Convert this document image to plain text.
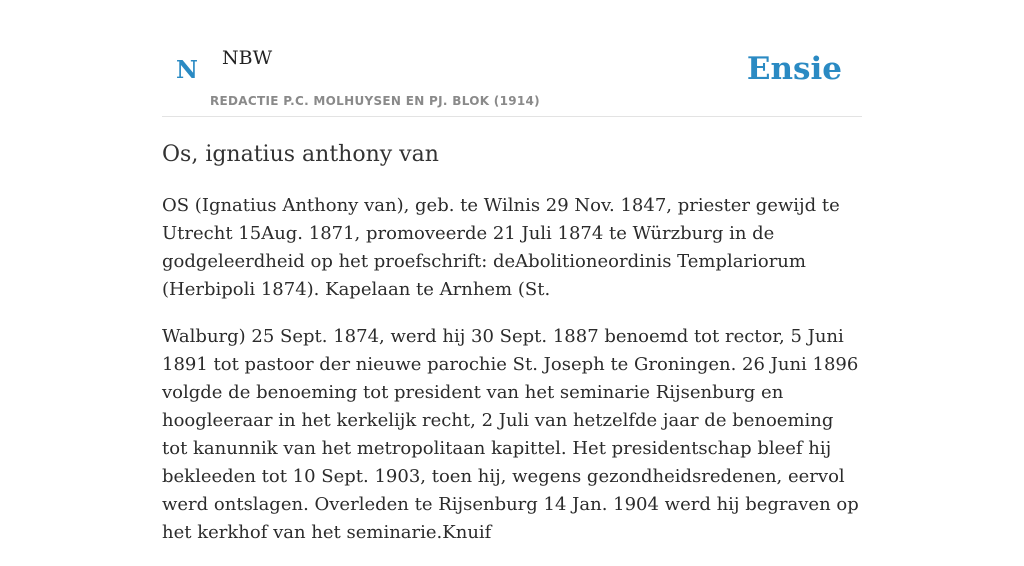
N NBW
REDACTIE P.C. MOLHUYSEN EN PJ. BLOK (1914)
Ensie
Os, ignatius anthony van

OS (Ignatius Anthony van), geb. te Wilnis 29 Nov. 1847, priester gewijd te Utrecht 15Aug. 1871, promoveerde 21 Juli 1874 te Würzburg in de godgeleerdheid op het proefschrift: deAbolitioneordinis Templariorum (Herbipoli 1874). Kapelaan te Arnhem (St.

Walburg) 25 Sept. 1874, werd hij 30 Sept. 1887 benoemd tot rector, 5 Juni 1891 tot pastoor der nieuwe parochie St. Joseph te Groningen. 26 Juni 1896 volgde de benoeming tot president van het seminarie Rijsenburg en hoogleeraar in het kerkelijk recht, 2 Juli van hetzelfde jaar de benoeming tot kanunnik van het metropolitaan kapittel. Het presidentschap bleef hij bekleeden tot 10 Sept. 1903, toen hij, wegens gezondheidsredenen, eervol werd ontslagen. Overleden te Rijsenburg 14 Jan. 1904 werd hij begraven op het kerkhof van het seminarie.Knuif
